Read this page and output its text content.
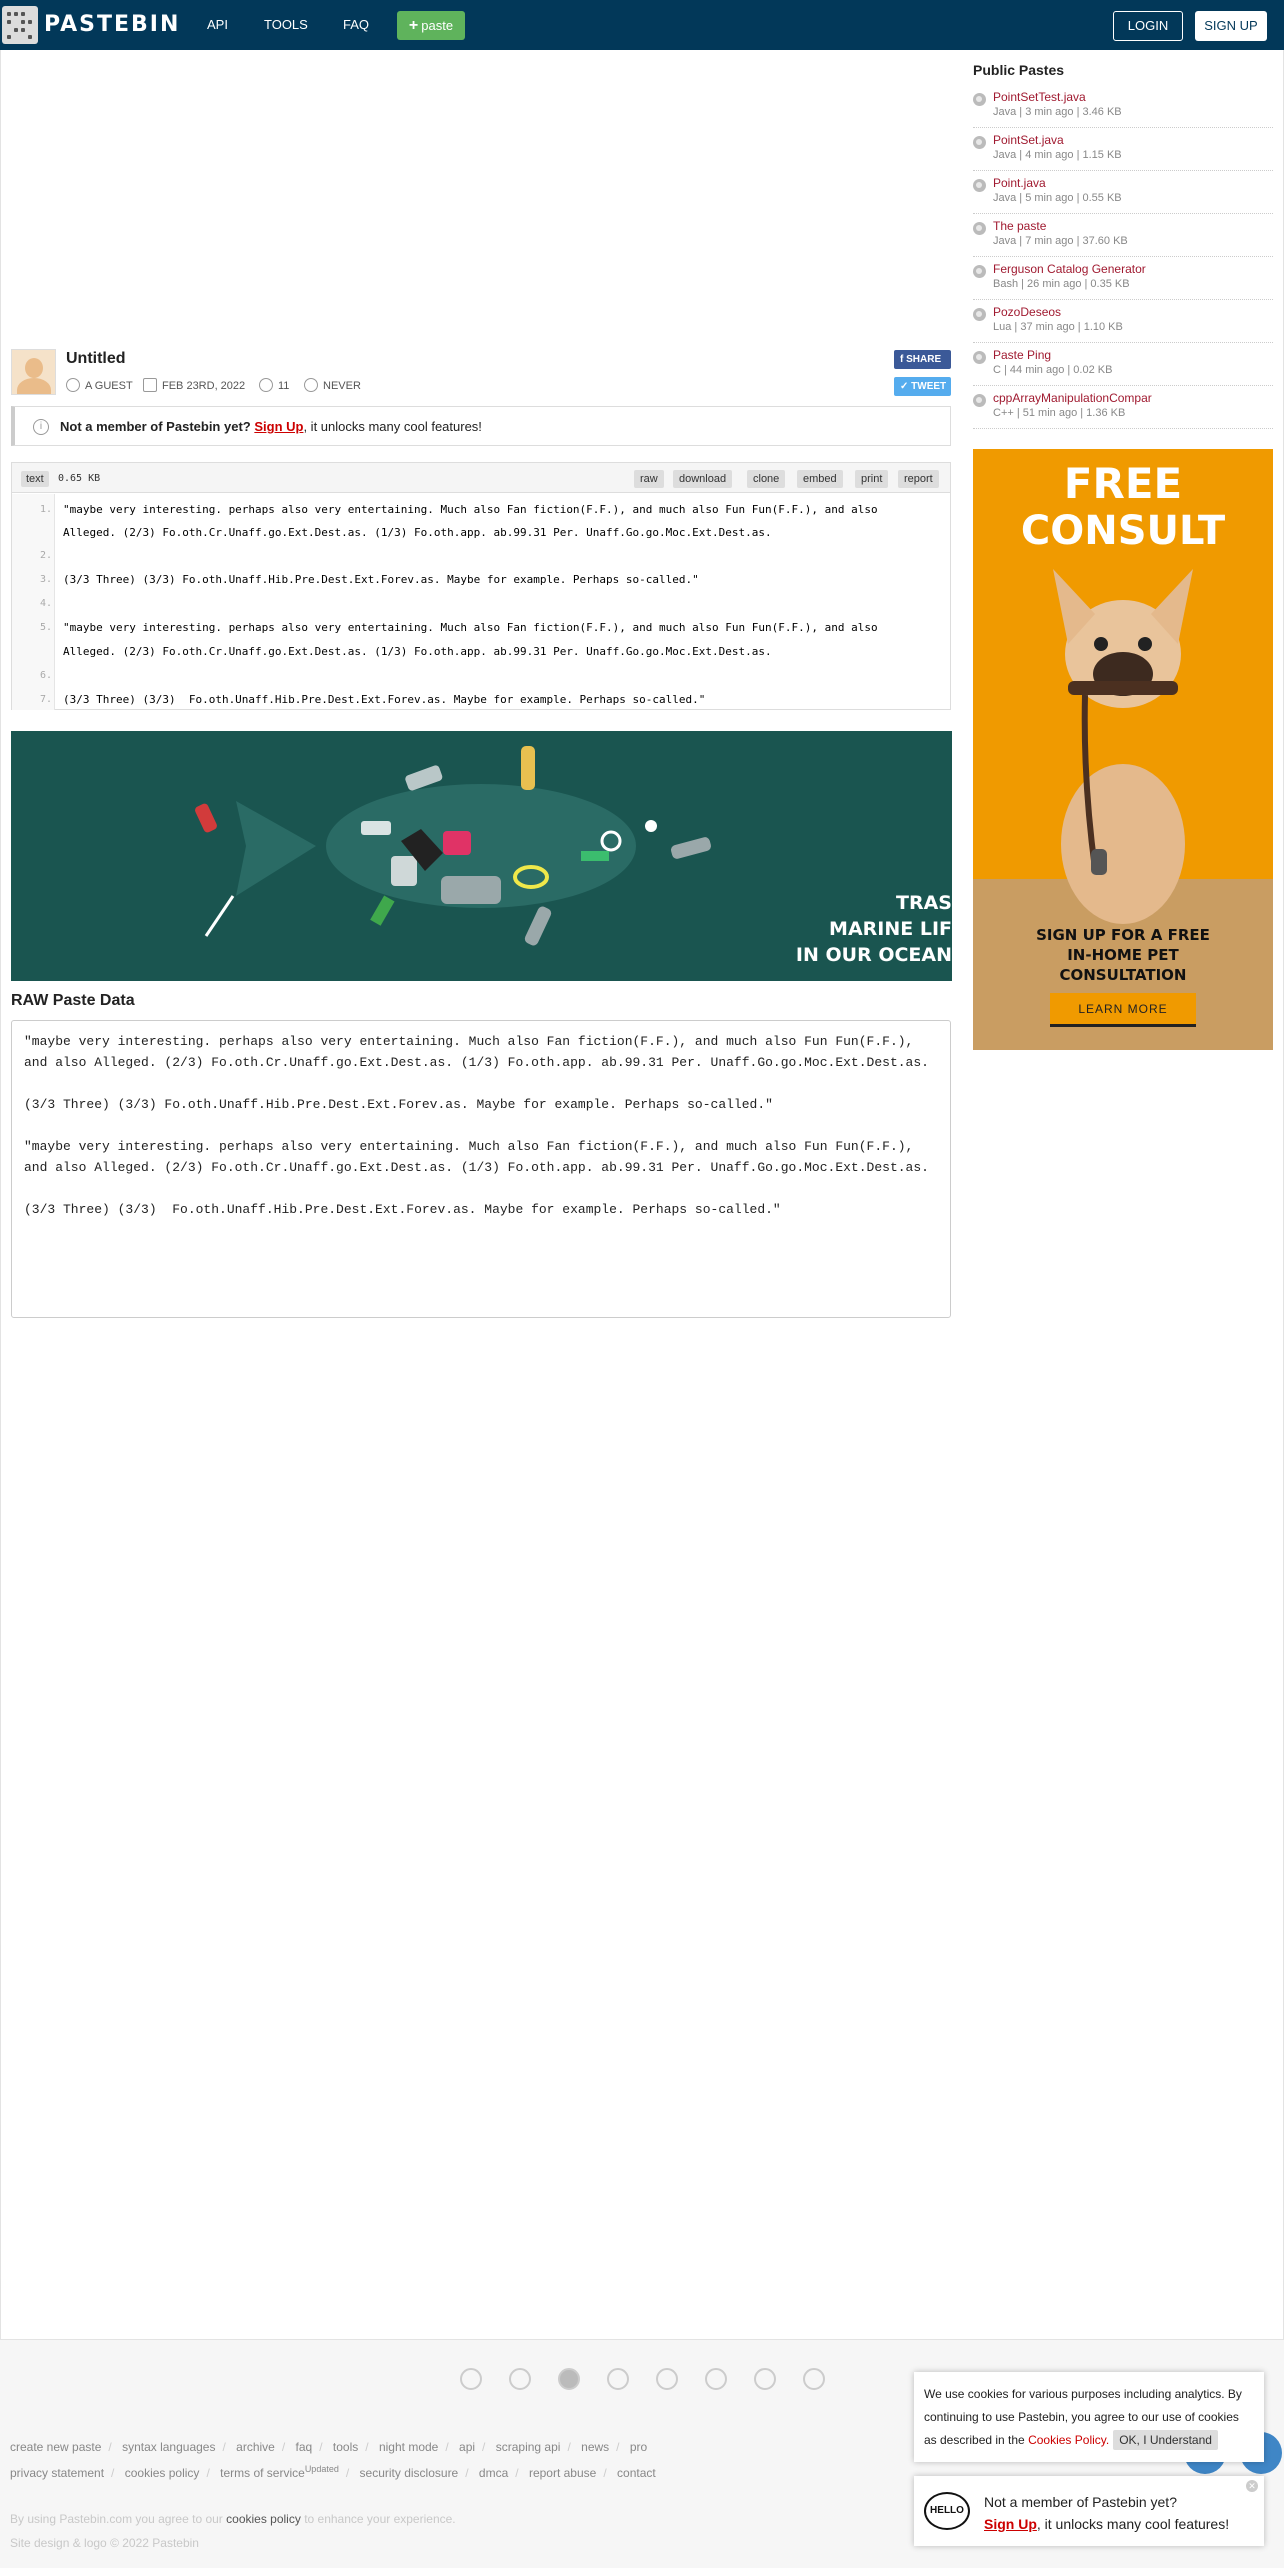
PASTEBIN API	TOOLS	FAQ	+ paste	LOGIN	SIGN UP
Untitled
A GUEST	FEB 23RD, 2022	11	NEVER
f SHARE
✓ TWEET
i	Not a member of Pastebin yet? Sign Up, it unlocks many cool features!
text	0.65 KB	raw	download	clone	embed	print	report
1. "maybe very interesting. perhaps also very entertaining. Much also Fan fiction(F.F.), and much also Fun Fun(F.F.), and also
Alleged. (2/3) Fo.oth.Cr.Unaff.go.Ext.Dest.as. (1/3) Fo.oth.app. ab.99.31 Per. Unaff.Go.go.Moc.Ext.Dest.as.
2.
3. (3/3 Three) (3/3) Fo.oth.Unaff.Hib.Pre.Dest.Ext.Forev.as. Maybe for example. Perhaps so-called."
4.
5. "maybe very interesting. perhaps also very entertaining. Much also Fan fiction(F.F.), and much also Fun Fun(F.F.), and also
Alleged. (2/3) Fo.oth.Cr.Unaff.go.Ext.Dest.as. (1/3) Fo.oth.app. ab.99.31 Per. Unaff.Go.go.Moc.Ext.Dest.as.
6.
7. (3/3 Three) (3/3)  Fo.oth.Unaff.Hib.Pre.Dest.Ext.Forev.as. Maybe for example. Perhaps so-called."
TRAS
MARINE LIF
IN OUR OCEAN
RAW Paste Data
"maybe very interesting. perhaps also very entertaining. Much also Fan fiction(F.F.), and much also Fun Fun(F.F.), and also Alleged. (2/3) Fo.oth.Cr.Unaff.go.Ext.Dest.as. (1/3) Fo.oth.app. ab.99.31 Per. Unaff.Go.go.Moc.Ext.Dest.as.

(3/3 Three) (3/3) Fo.oth.Unaff.Hib.Pre.Dest.Ext.Forev.as. Maybe for example. Perhaps so-called."

"maybe very interesting. perhaps also very entertaining. Much also Fan fiction(F.F.), and much also Fun Fun(F.F.), and also Alleged. (2/3) Fo.oth.Cr.Unaff.go.Ext.Dest.as. (1/3) Fo.oth.app. ab.99.31 Per. Unaff.Go.go.Moc.Ext.Dest.as.

(3/3 Three) (3/3)  Fo.oth.Unaff.Hib.Pre.Dest.Ext.Forev.as. Maybe for example. Perhaps so-called."
Public Pastes
PointSetTest.java
Java | 3 min ago | 3.46 KB
PointSet.java
Java | 4 min ago | 1.15 KB
Point.java
Java | 5 min ago | 0.55 KB
The paste
Java | 7 min ago | 37.60 KB
Ferguson Catalog Generator
Bash | 26 min ago | 0.35 KB
PozoDeseos
Lua | 37 min ago | 1.10 KB
Paste Ping
C | 44 min ago | 0.02 KB
cppArrayManipulationCompar
C++ | 51 min ago | 1.36 KB
FREE
CONSULT
SIGN UP FOR A FREE
IN-HOME PET
CONSULTATION
LEARN MORE
create new paste / syntax languages / archive / faq / tools / night mode / api / scraping api / news / pro
privacy statement / cookies policy / terms of service$^{Updated}$ / security disclosure / dmca / report abuse / contact
By using Pastebin.com you agree to our cookies policy to enhance your experience.
Site design & logo © 2022 Pastebin
We use cookies for various purposes including analytics. By continuing to use Pastebin, you agree to our use of cookies as described in the Cookies Policy. OK, I Understand
HELLO
Not a member of Pastebin yet?
Sign Up, it unlocks many cool features!
✕
